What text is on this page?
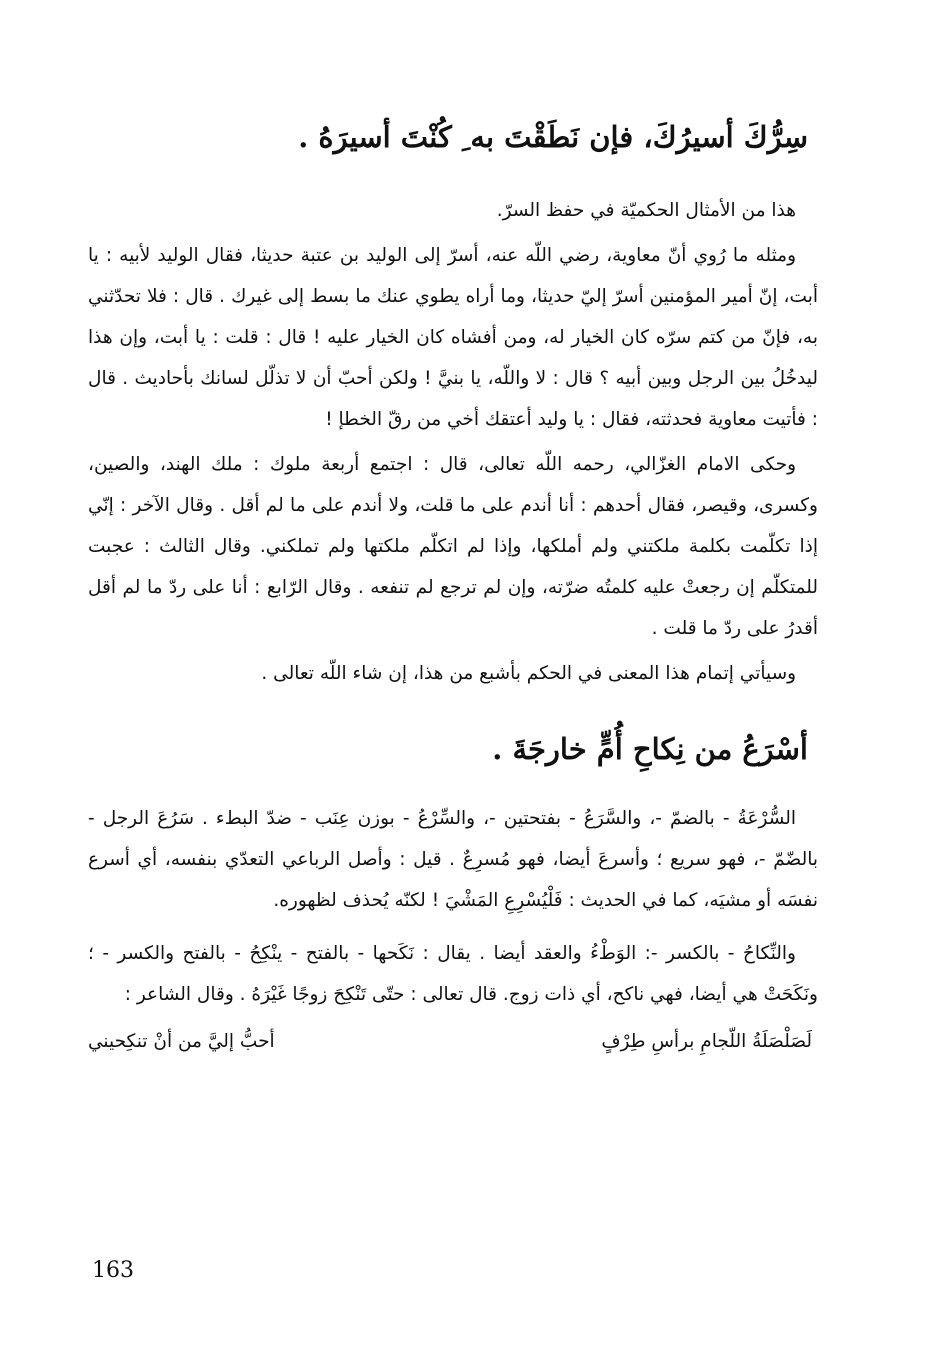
سِرُّكَ أسيرُكَ، فإن نَطَقْتَ به ِ كُنْتَ أسيرَهُ .

هذا من الأمثال الحكميّة في حفظ السرّ.

ومثله ما رُوي أنّ معاوية، رضي اللّه عنه، أسرّ إلى الوليد بن عتبة حديثا، فقال الوليد لأبيه : يا أبت، إنّ أمير المؤمنين أسرّ إليّ حديثا، وما أراه يطوي عنك ما بسط إلى غيرك . قال : فلا تحدّثني به، فإنّ من كتم سرّه كان الخيار له، ومن أفشاه كان الخيار عليه ! قال : قلت : يا أبت، وإن هذا ليدخُلُ بين الرجل وبين أبيه ؟ قال : لا واللّه، يا بنيَّ ! ولكن أحبّ أن لا تذلّل لسانك بأحاديث . قال : فأتيت معاوية فحدثته، فقال : يا وليد أعتقك أخي من رقّ الخطإ !

وحكى الامام الغزّالي، رحمه اللّه تعالى، قال : اجتمع أربعة ملوك : ملك الهند، والصين، وكسرى، وقيصر، فقال أحدهم : أنا أندم على ما قلت، ولا أندم على ما لم أقل . وقال الآخر : إنّي إذا تكلّمت بكلمة ملكتني ولم أملكها، وإذا لم اتكلّم ملكتها ولم تملكني. وقال الثالث : عجبت للمتكلّم إن رجعتْ عليه كلمتُه ضرّته، وإن لم ترجع لم تنفعه . وقال الرّابع : أنا على ردّ ما لم أقل أقدرُ على ردّ ما قلت .

وسيأتي إتمام هذا المعنى في الحكم بأشبع من هذا، إن شاء اللّه تعالى .

أسْرَعُ من نِكاحِ أُمٍّ خارجَةَ .

السُّرْعَةُ - بالضمّ -، والسَّرَعُ - بفتحتين -، والسِّرْعُ - بوزن عِنَب - ضدّ البطء . سَرُعَ الرجل - بالضّمّ -، فهو سريع ؛ وأسرعَ أيضا، فهو مُسرِعٌ . قيل : وأصل الرباعي التعدّي بنفسه، أي أسرع نفسَه أو مشيَه، كما في الحديث : فَلْيُسْرِعِ المَشْيَ ! لكنّه يُحذف لظهوره.

والنِّكاحُ - بالكسر -: الوَطْءُ والعقد أيضا . يقال : نَكَحها - بالفتح - ينْكِحُ - بالفتح والكسر - ؛ ونَكَحَتْ هي أيضا، فهي ناكح، أي ذات زوج. قال تعالى : حتّى تَنْكِحَ زوجًا غَيْرَهُ . وقال الشاعر :

لَصَلْصَلَةُ اللّجامِ برأسِ طِرْفٍ
أحبُّ إليَّ من أنْ تنكِحيني
163
